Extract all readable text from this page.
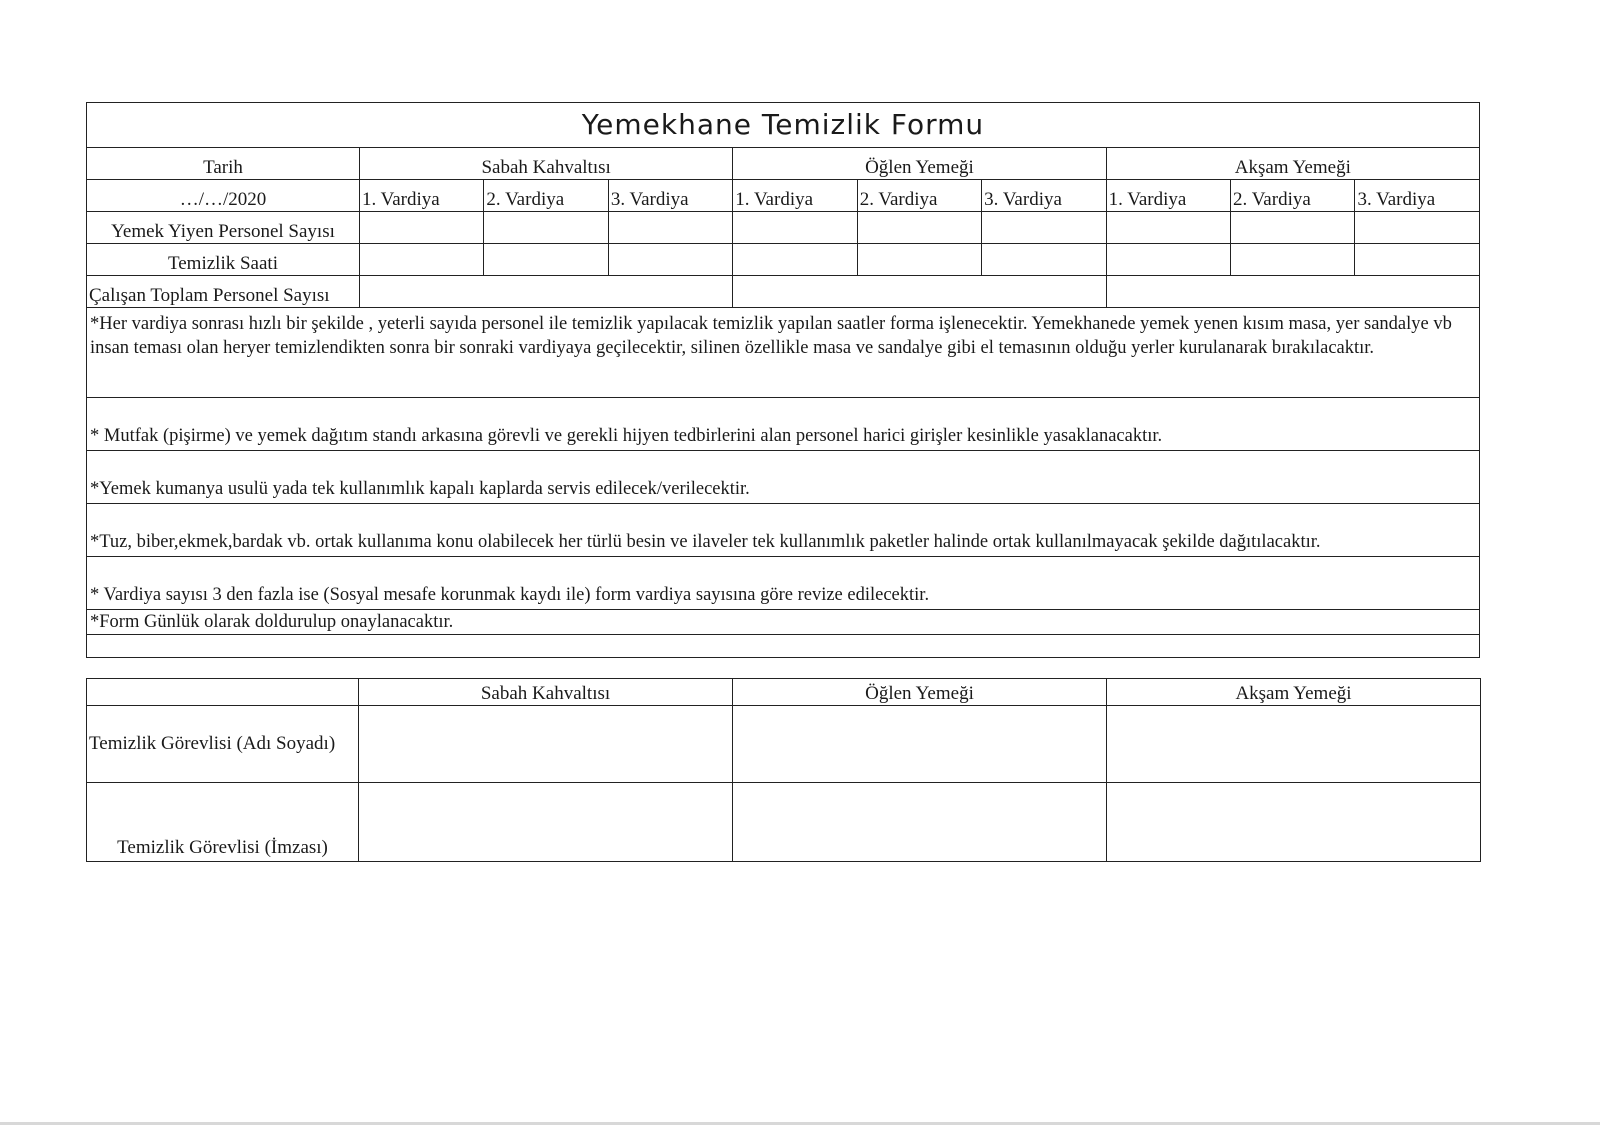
Yemekhane Temizlik Formu									
Tarih	Sabah Kahvaltısı			Öğlen Yemeği			Akşam Yemeği		
…/…/2020	1. Vardiya	2. Vardiya	3. Vardiya	1. Vardiya	2. Vardiya	3. Vardiya	1. Vardiya	2. Vardiya	3. Vardiya
Yemek Yiyen Personel Sayısı									
Temizlik Saati									
Çalışan Toplam Personel Sayısı									
*Her vardiya sonrası hızlı bir şekilde , yeterli sayıda personel ile temizlik yapılacak temizlik yapılan saatler forma işlenecektir. Yemekhanede yemek yenen kısım masa, yer sandalye vb insan teması olan heryer temizlendikten sonra bir sonraki vardiyaya geçilecektir, silinen özellikle masa ve sandalye gibi el temasının olduğu yerler kurulanarak bırakılacaktır.									
* Mutfak (pişirme) ve yemek dağıtım standı arkasına görevli ve gerekli hijyen tedbirlerini alan personel harici girişler kesinlikle yasaklanacaktır.									
*Yemek kumanya usulü yada tek kullanımlık kapalı kaplarda servis edilecek/verilecektir.									
*Tuz, biber,ekmek,bardak vb. ortak kullanıma konu olabilecek her türlü besin ve ilaveler tek kullanımlık paketler halinde ortak kullanılmayacak şekilde dağıtılacaktır.									
* Vardiya sayısı 3 den fazla ise (Sosyal mesafe korunmak kaydı ile) form vardiya sayısına göre revize edilecektir.									
*Form Günlük olarak doldurulup onaylanacaktır.									

	Sabah Kahvaltısı	Öğlen Yemeği	Akşam Yemeği
Temizlik Görevlisi (Adı Soyadı)			
Temizlik Görevlisi (İmzası)			
